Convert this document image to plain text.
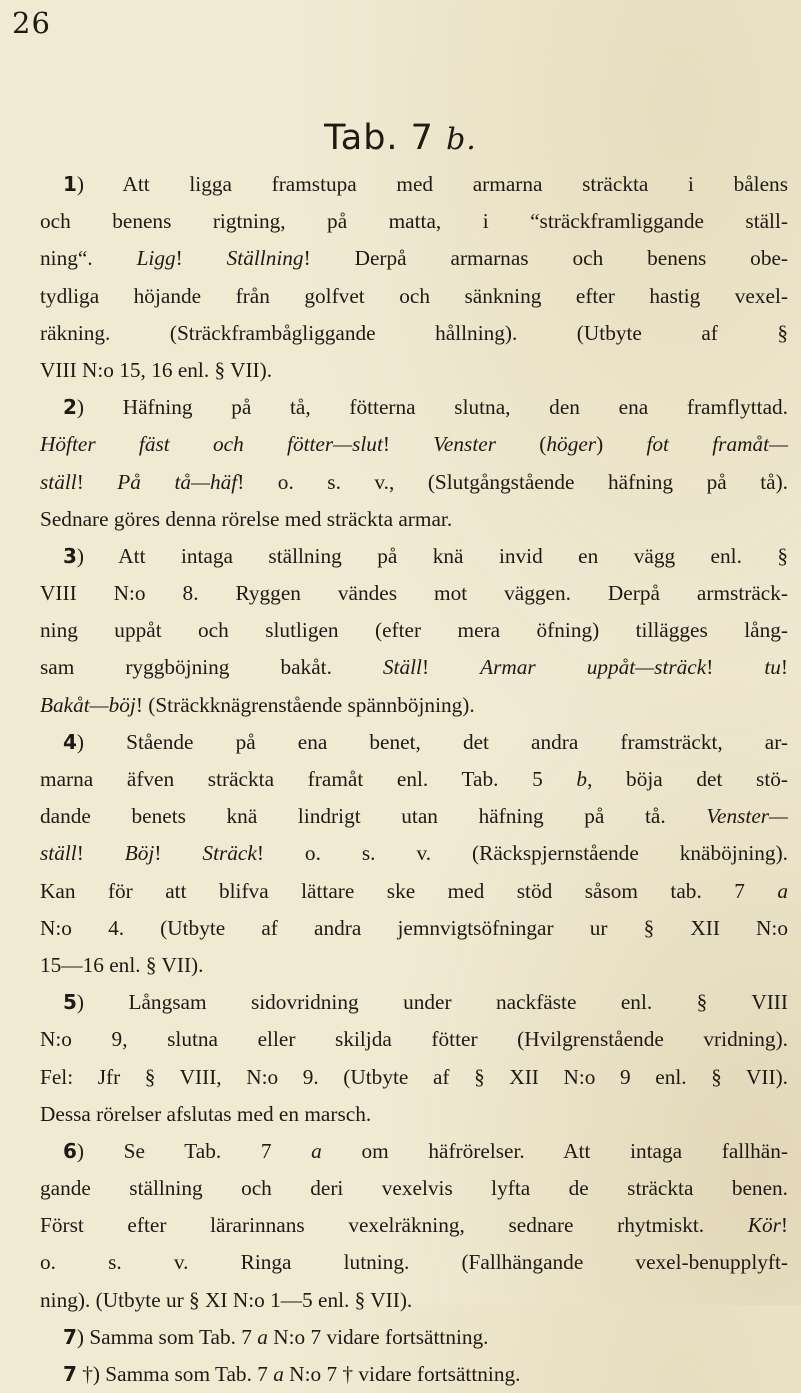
26
Tab. 7 b.
1) Att ligga framstupa med armarna sträckta i bålens
och benens rigtning, på matta, i “sträckframliggande ställ-
ning“. Ligg! Ställning! Derpå armarnas och benens obe-
tydliga höjande från golfvet och sänkning efter hastig vexel-
räkning. (Sträckframbågliggande hållning). (Utbyte af §
VIII N:o 15, 16 enl. § VII).
2) Häfning på tå, fötterna slutna, den ena framflyttad.
Höfter fäst och fötter—slut! Venster (höger) fot framåt—
ställ! På tå—häf! o. s. v., (Slutgångstående häfning på tå).
Sednare göres denna rörelse med sträckta armar.
3) Att intaga ställning på knä invid en vägg enl. §
VIII N:o 8. Ryggen vändes mot väggen. Derpå armsträck-
ning uppåt och slutligen (efter mera öfning) tillägges lång-
sam ryggböjning bakåt. Ställ! Armar uppåt—sträck! tu!
Bakåt—böj! (Sträckknägrenstående spännböjning).
4) Stående på ena benet, det andra framsträckt, ar-
marna äfven sträckta framåt enl. Tab. 5 b, böja det stö-
dande benets knä lindrigt utan häfning på tå. Venster—
ställ! Böj! Sträck! o. s. v. (Räckspjernstående knäböjning).
Kan för att blifva lättare ske med stöd såsom tab. 7 a
N:o 4. (Utbyte af andra jemnvigtsöfningar ur § XII N:o
15—16 enl. § VII).
5) Långsam sidovridning under nackfäste enl. § VIII
N:o 9, slutna eller skiljda fötter (Hvilgrenstående vridning).
Fel: Jfr § VIII, N:o 9. (Utbyte af § XII N:o 9 enl. § VII).
Dessa rörelser afslutas med en marsch.
6) Se Tab. 7 a om häfrörelser. Att intaga fallhän-
gande ställning och deri vexelvis lyfta de sträckta benen.
Först efter lärarinnans vexelräkning, sednare rhytmiskt. Kör!
o. s. v. Ringa lutning. (Fallhängande vexel-benupplyft-
ning). (Utbyte ur § XI N:o 1—5 enl. § VII).
7) Samma som Tab. 7 a N:o 7 vidare fortsättning.
7 †) Samma som Tab. 7 a N:o 7 † vidare fortsättning.
